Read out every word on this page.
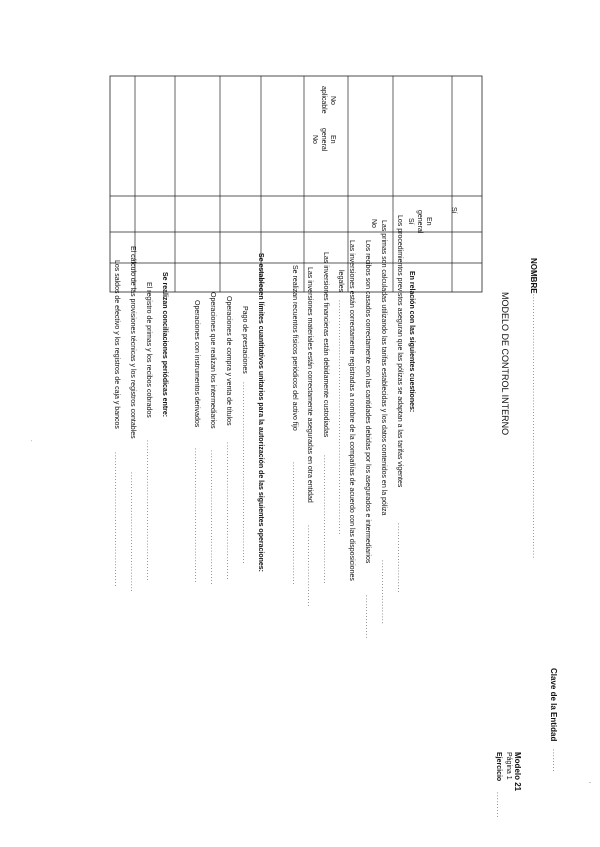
Modelo 21
Página 1
Ejercicio
.........
Clave de la Entidad
........
NOMBRE
..........................................................................................
MODELO DE CONTROL INTERNO
Sí
En
general
Sí
No
En
general
No
No
aplicable
En relación con las siguientes cuestiones:
Los procedimientos previstos aseguran que las pólizas se adaptan a las tarifas vigentes
........................
Las primas son calculadas utilizando las tarifas establecidas y los datos contenidos en la póliza
......................
Los recibos son casados correctamente con las cantidades debidas por los asegurados e intermediarios
...............
Las inversiones están correctamente registradas a nombre de la compañías de acuerdo con las disposiciones
legales
................................................................................
Las inversiones financieras están debidamente custodiadas
............................................
Las inversiones materiales están correctamente aseguradas en otra entidad
............................
Se realizan recuentos físicos periódicos del activo fijo
..........................................
Se establecen límites cuantitativos unitarios para la autorización de las siguientes operaciones:
Pago de prestaciones
..............................................................
Operaciones de compra y venta de títulos
...............................................
Operaciones que realizan los intermediarios
..............................................
Operaciones con instrumentos derivados
..............................................
Se realizan conciliaciones periódicas entre:
El registro de primas y los recibos cobrados
................................................
El cálculo de las provisiones técnicas y los registros contables
.........................................
Los saldos de efectivo y los registros de caja y bancos
..............................................
'
.
